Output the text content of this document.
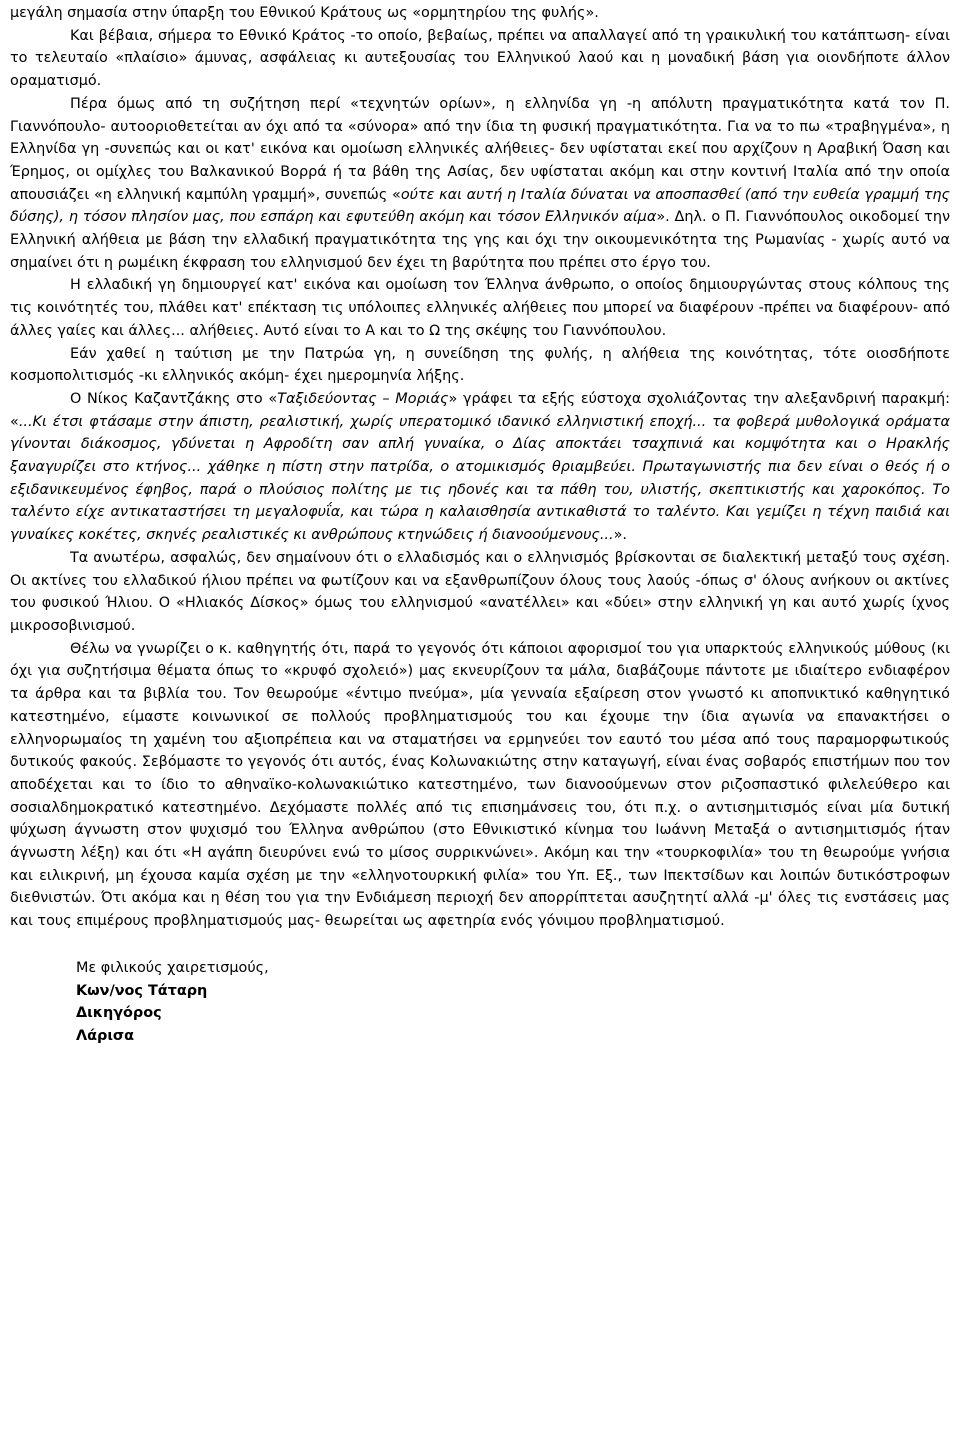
μεγάλη σημασία στην ύπαρξη του Εθνικού Κράτους ως «ορμητηρίου της φυλής».

Και βέβαια, σήμερα το Εθνικό Κράτος -το οποίο, βεβαίως, πρέπει να απαλλαγεί από τη γραικυλική του κατάπτωση- είναι το τελευταίο «πλαίσιο» άμυνας, ασφάλειας κι αυτεξουσίας του Ελληνικού λαού και η μοναδική βάση για οιονδήποτε άλλον οραματισμό.

Πέρα όμως από τη συζήτηση περί «τεχνητών ορίων», η ελληνίδα γη -η απόλυτη πραγματικότητα κατά τον Π. Γιαννόπουλο- αυτοοριοθετείται αν όχι από τα «σύνορα» από την ίδια τη φυσική πραγματικότητα. Για να το πω «τραβηγμένα», η Ελληνίδα γη -συνεπώς και οι κατ' εικόνα και ομοίωση ελληνικές αλήθειες- δεν υφίσταται εκεί που αρχίζουν η Αραβική Όαση και Έρημος, οι ομίχλες του Βαλκανικού Βορρά ή τα βάθη της Ασίας, δεν υφίσταται ακόμη και στην κοντινή Ιταλία από την οποία απουσιάζει «η ελληνική καμπύλη γραμμή», συνεπώς «ούτε και αυτή η Ιταλία δύναται να αποσπασθεί (από την ευθεία γραμμή της δύσης), η τόσον πλησίον μας, που εσπάρη και εφυτεύθη ακόμη και τόσον Ελληνικόν αίμα». Δηλ. ο Π. Γιαννόπουλος οικοδομεί την Ελληνική αλήθεια με βάση την ελλαδική πραγματικότητα της γης και όχι την οικουμενικότητα της Ρωμανίας - χωρίς αυτό να σημαίνει ότι η ρωμέικη έκφραση του ελληνισμού δεν έχει τη βαρύτητα που πρέπει στο έργο του.

Η ελλαδική γη δημιουργεί κατ' εικόνα και ομοίωση τον Έλληνα άνθρωπο, ο οποίος δημιουργώντας στους κόλπους της τις κοινότητές του, πλάθει κατ' επέκταση τις υπόλοιπες ελληνικές αλήθειες που μπορεί να διαφέρουν -πρέπει να διαφέρουν- από άλλες γαίες και άλλες... αλήθειες. Αυτό είναι το Α και το Ω της σκέψης του Γιαννόπουλου.

Εάν χαθεί η ταύτιση με την Πατρώα γη, η συνείδηση της φυλής, η αλήθεια της κοινότητας, τότε οιοσδήποτε κοσμοπολιτισμός -κι ελληνικός ακόμη- έχει ημερομηνία λήξης.

Ο Νίκος Καζαντζάκης στο «Ταξιδεύοντας – Μοριάς» γράφει τα εξής εύστοχα σχολιάζοντας την αλεξανδρινή παρακμή: «...Κι έτσι φτάσαμε στην άπιστη, ρεαλιστική, χωρίς υπερατομικό ιδανικό ελληνιστική εποχή... τα φοβερά μυθολογικά οράματα γίνονται διάκοσμος, γδύνεται η Αφροδίτη σαν απλή γυναίκα, ο Δίας αποκτάει τσαχπινιά και κομψότητα και ο Ηρακλής ξαναγυρίζει στο κτήνος... χάθηκε η πίστη στην πατρίδα, ο ατομικισμός θριαμβεύει. Πρωταγωνιστής πια δεν είναι ο θεός ή ο εξιδανικευμένος έφηβος, παρά ο πλούσιος πολίτης με τις ηδονές και τα πάθη του, υλιστής, σκεπτικιστής και χαροκόπος. Το ταλέντο είχε αντικαταστήσει τη μεγαλοφυΐα, και τώρα η καλαισθησία αντικαθιστά το ταλέντο. Και γεμίζει η τέχνη παιδιά και γυναίκες κοκέτες, σκηνές ρεαλιστικές κι ανθρώπους κτηνώδεις ή διανοούμενους...».

Τα ανωτέρω, ασφαλώς, δεν σημαίνουν ότι ο ελλαδισμός και ο ελληνισμός βρίσκονται σε διαλεκτική μεταξύ τους σχέση. Οι ακτίνες του ελλαδικού ήλιου πρέπει να φωτίζουν και να εξανθρωπίζουν όλους τους λαούς -όπως σ' όλους ανήκουν οι ακτίνες του φυσικού Ήλιου. Ο «Ηλιακός Δίσκος» όμως του ελληνισμού «ανατέλλει» και «δύει» στην ελληνική γη και αυτό χωρίς ίχνος μικροσοβινισμού.

Θέλω να γνωρίζει ο κ. καθηγητής ότι, παρά το γεγονός ότι κάποιοι αφορισμοί του για υπαρκτούς ελληνικούς μύθους (κι όχι για συζητήσιμα θέματα όπως το «κρυφό σχολειό») μας εκνευρίζουν τα μάλα, διαβάζουμε πάντοτε με ιδιαίτερο ενδιαφέρον τα άρθρα και τα βιβλία του. Τον θεωρούμε «έντιμο πνεύμα», μία γενναία εξαίρεση στον γνωστό κι αποπνικτικό καθηγητικό κατεστημένο, είμαστε κοινωνικοί σε πολλούς προβληματισμούς του και έχουμε την ίδια αγωνία να επανακτήσει ο ελληνορωμαίος τη χαμένη του αξιοπρέπεια και να σταματήσει να ερμηνεύει τον εαυτό του μέσα από τους παραμορφωτικούς δυτικούς φακούς. Σεβόμαστε το γεγονός ότι αυτός, ένας Κολωνακιώτης στην καταγωγή, είναι ένας σοβαρός επιστήμων που τον αποδέχεται και το ίδιο το αθηναϊκο-κολωνακιώτικο κατεστημένο, των διανοούμενων στον ριζοσπαστικό φιλελεύθερο και σοσιαλδημοκρατικό κατεστημένο. Δεχόμαστε πολλές από τις επισημάνσεις του, ότι π.χ. ο αντισημιτισμός είναι μία δυτική ψύχωση άγνωστη στον ψυχισμό του Έλληνα ανθρώπου (στο Εθνικιστικό κίνημα του Ιωάννη Μεταξά ο αντισημιτισμός ήταν άγνωστη λέξη) και ότι «Η αγάπη διευρύνει ενώ το μίσος συρρικνώνει». Ακόμη και την «τουρκοφιλία» του τη θεωρούμε γνήσια και ειλικρινή, μη έχουσα καμία σχέση με την «ελληνοτουρκική φιλία» του Υπ. Εξ., των Ιπεκτσίδων και λοιπών δυτικόστροφων διεθνιστών. Ότι ακόμα και η θέση του για την Ενδιάμεση περιοχή δεν απορρίπτεται ασυζητητί αλλά -μ' όλες τις ενστάσεις μας και τους επιμέρους προβληματισμούς μας- θεωρείται ως αφετηρία ενός γόνιμου προβληματισμού.

Με φιλικούς χαιρετισμούς,

Κων/νος Τάταρη

Δικηγόρος

Λάρισα
